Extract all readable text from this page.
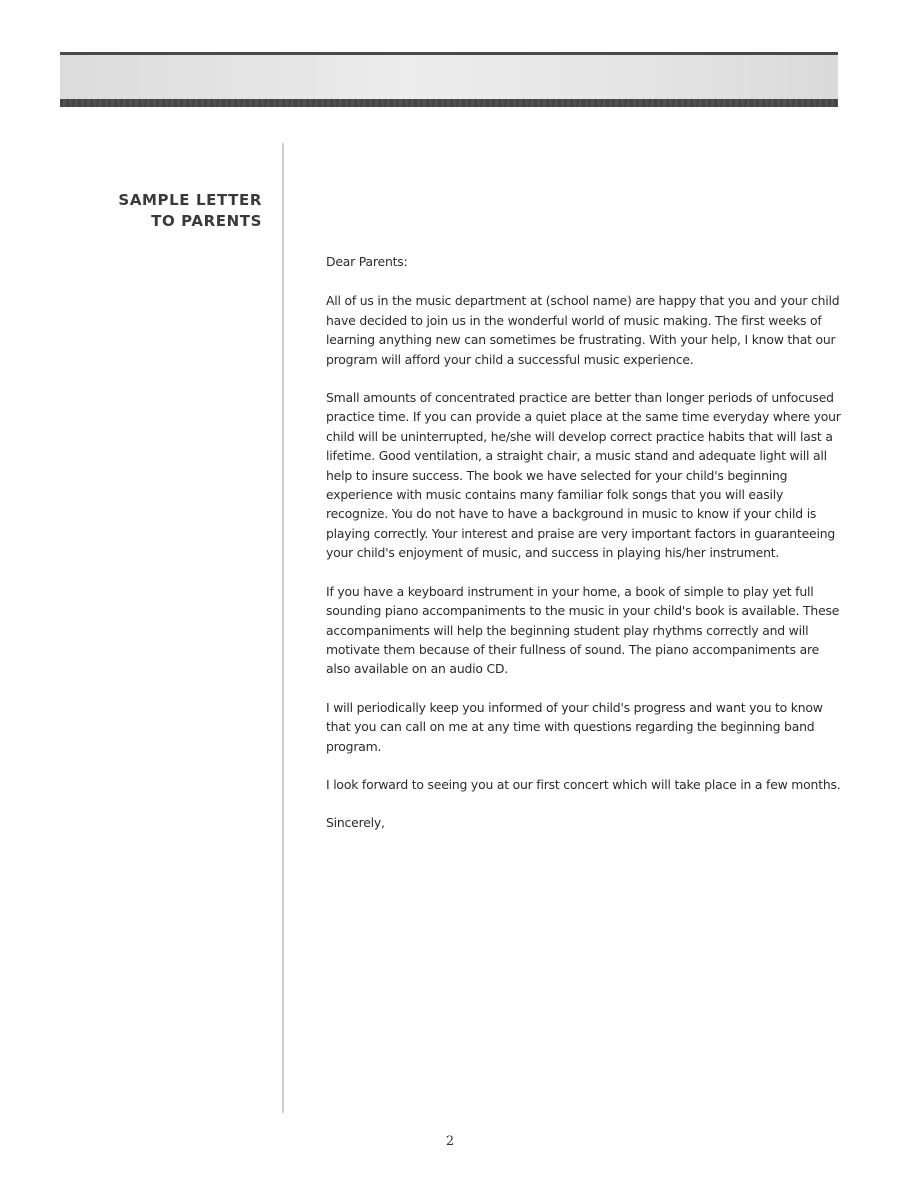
SAMPLE LETTER
TO PARENTS

Dear Parents:

All of us in the music department at (school name) are happy that you and your child have decided to join us in the wonderful world of music making. The first weeks of learning anything new can sometimes be frustrating. With your help, I know that our program will afford your child a successful music experience.

Small amounts of concentrated practice are better than longer periods of unfocused practice time. If you can provide a quiet place at the same time everyday where your child will be uninterrupted, he/she will develop correct practice habits that will last a lifetime. Good ventilation, a straight chair, a music stand and adequate light will all help to insure success. The book we have selected for your child's beginning experience with music contains many familiar folk songs that you will easily recognize. You do not have to have a background in music to know if your child is playing correctly. Your interest and praise are very important factors in guaranteeing your child's enjoyment of music, and success in playing his/her instrument.

If you have a keyboard instrument in your home, a book of simple to play yet full sounding piano accompaniments to the music in your child's book is available. These accompaniments will help the beginning student play rhythms correctly and will motivate them because of their fullness of sound. The piano accompaniments are also available on an audio CD.

I will periodically keep you informed of your child's progress and want you to know that you can call on me at any time with questions regarding the beginning band program.

I look forward to seeing you at our first concert which will take place in a few months.

Sincerely,

2
